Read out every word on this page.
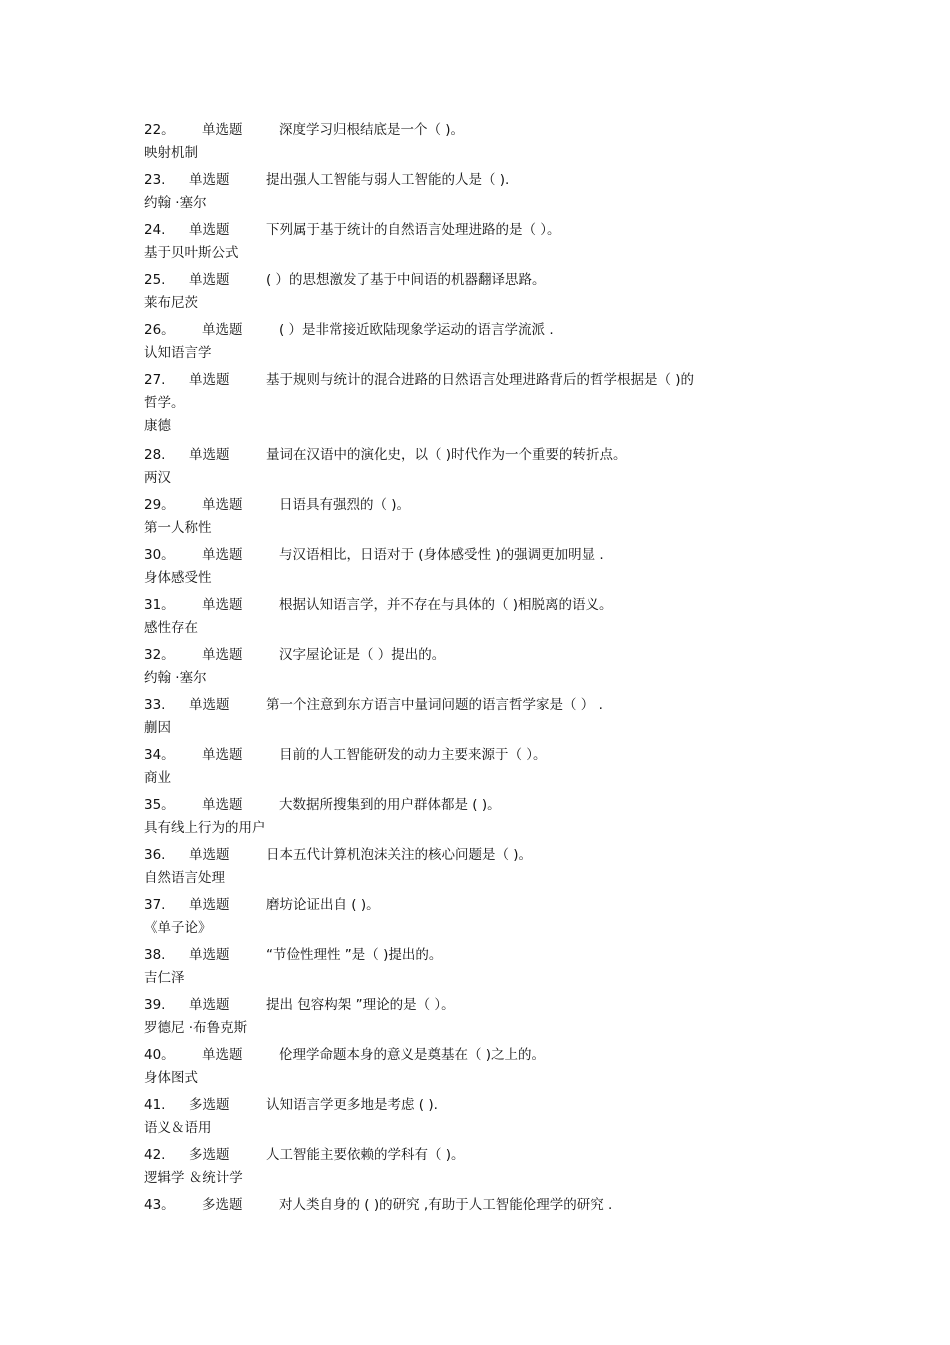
22。 单选题	深度学习归根结底是一个（ )。
映射机制
23. 单选题	提出强人工智能与弱人工智能的人是（ ).
约翰 ·塞尔
24. 单选题	下列属于基于统计的自然语言处理进路的是（ ）。
基于贝叶斯公式
25. 单选题	( ）的思想激发了基于中间语的机器翻译思路。
莱布尼茨
26。 单选题	( ）是非常接近欧陆现象学运动的语言学流派 .
认知语言学
27. 单选题	基于规则与统计的混合进路的日然语言处理进路背后的哲学根据是（ )的
哲学。
康德
28. 单选题	量词在汉语中的演化史，以（ )时代作为一个重要的转折点。
两汉
29。 单选题	日语具有强烈的（ )。
第一人称性
30。 单选题	与汉语相比，日语对于 (身体感受性 )的强调更加明显 .
身体感受性
31。 单选题	根据认知语言学，并不存在与具体的（ )相脱离的语义。
感性存在
32。 单选题	汉字屋论证是（ ）提出的。
约翰 ·塞尔
33. 单选题	第一个注意到东方语言中量词问题的语言哲学家是（ ） .
蒯因
34。 单选题	目前的人工智能研发的动力主要来源于（ ）。
商业
35。 单选题	大数据所搜集到的用户群体都是 ( )。
具有线上行为的用户
36. 单选题	日本五代计算机泡沫关注的核心问题是（ )。
自然语言处理
37. 单选题	磨坊论证出自 ( )。
《单子论》
38. 单选题	“节俭性理性 ”是（ )提出的。
吉仁泽
39. 单选题	提出 包容构架 ”理论的是（ ）。
罗德尼 ·布鲁克斯
40。 单选题	伦理学命题本身的意义是奠基在（ )之上的。
身体图式
41. 多选题	认知语言学更多地是考虑 ( ).
语义＆语用
42. 多选题	人工智能主要依赖的学科有（ )。
逻辑学 ＆统计学
43。 多选题	对人类自身的 ( )的研究 ,有助于人工智能伦理学的研究 .
